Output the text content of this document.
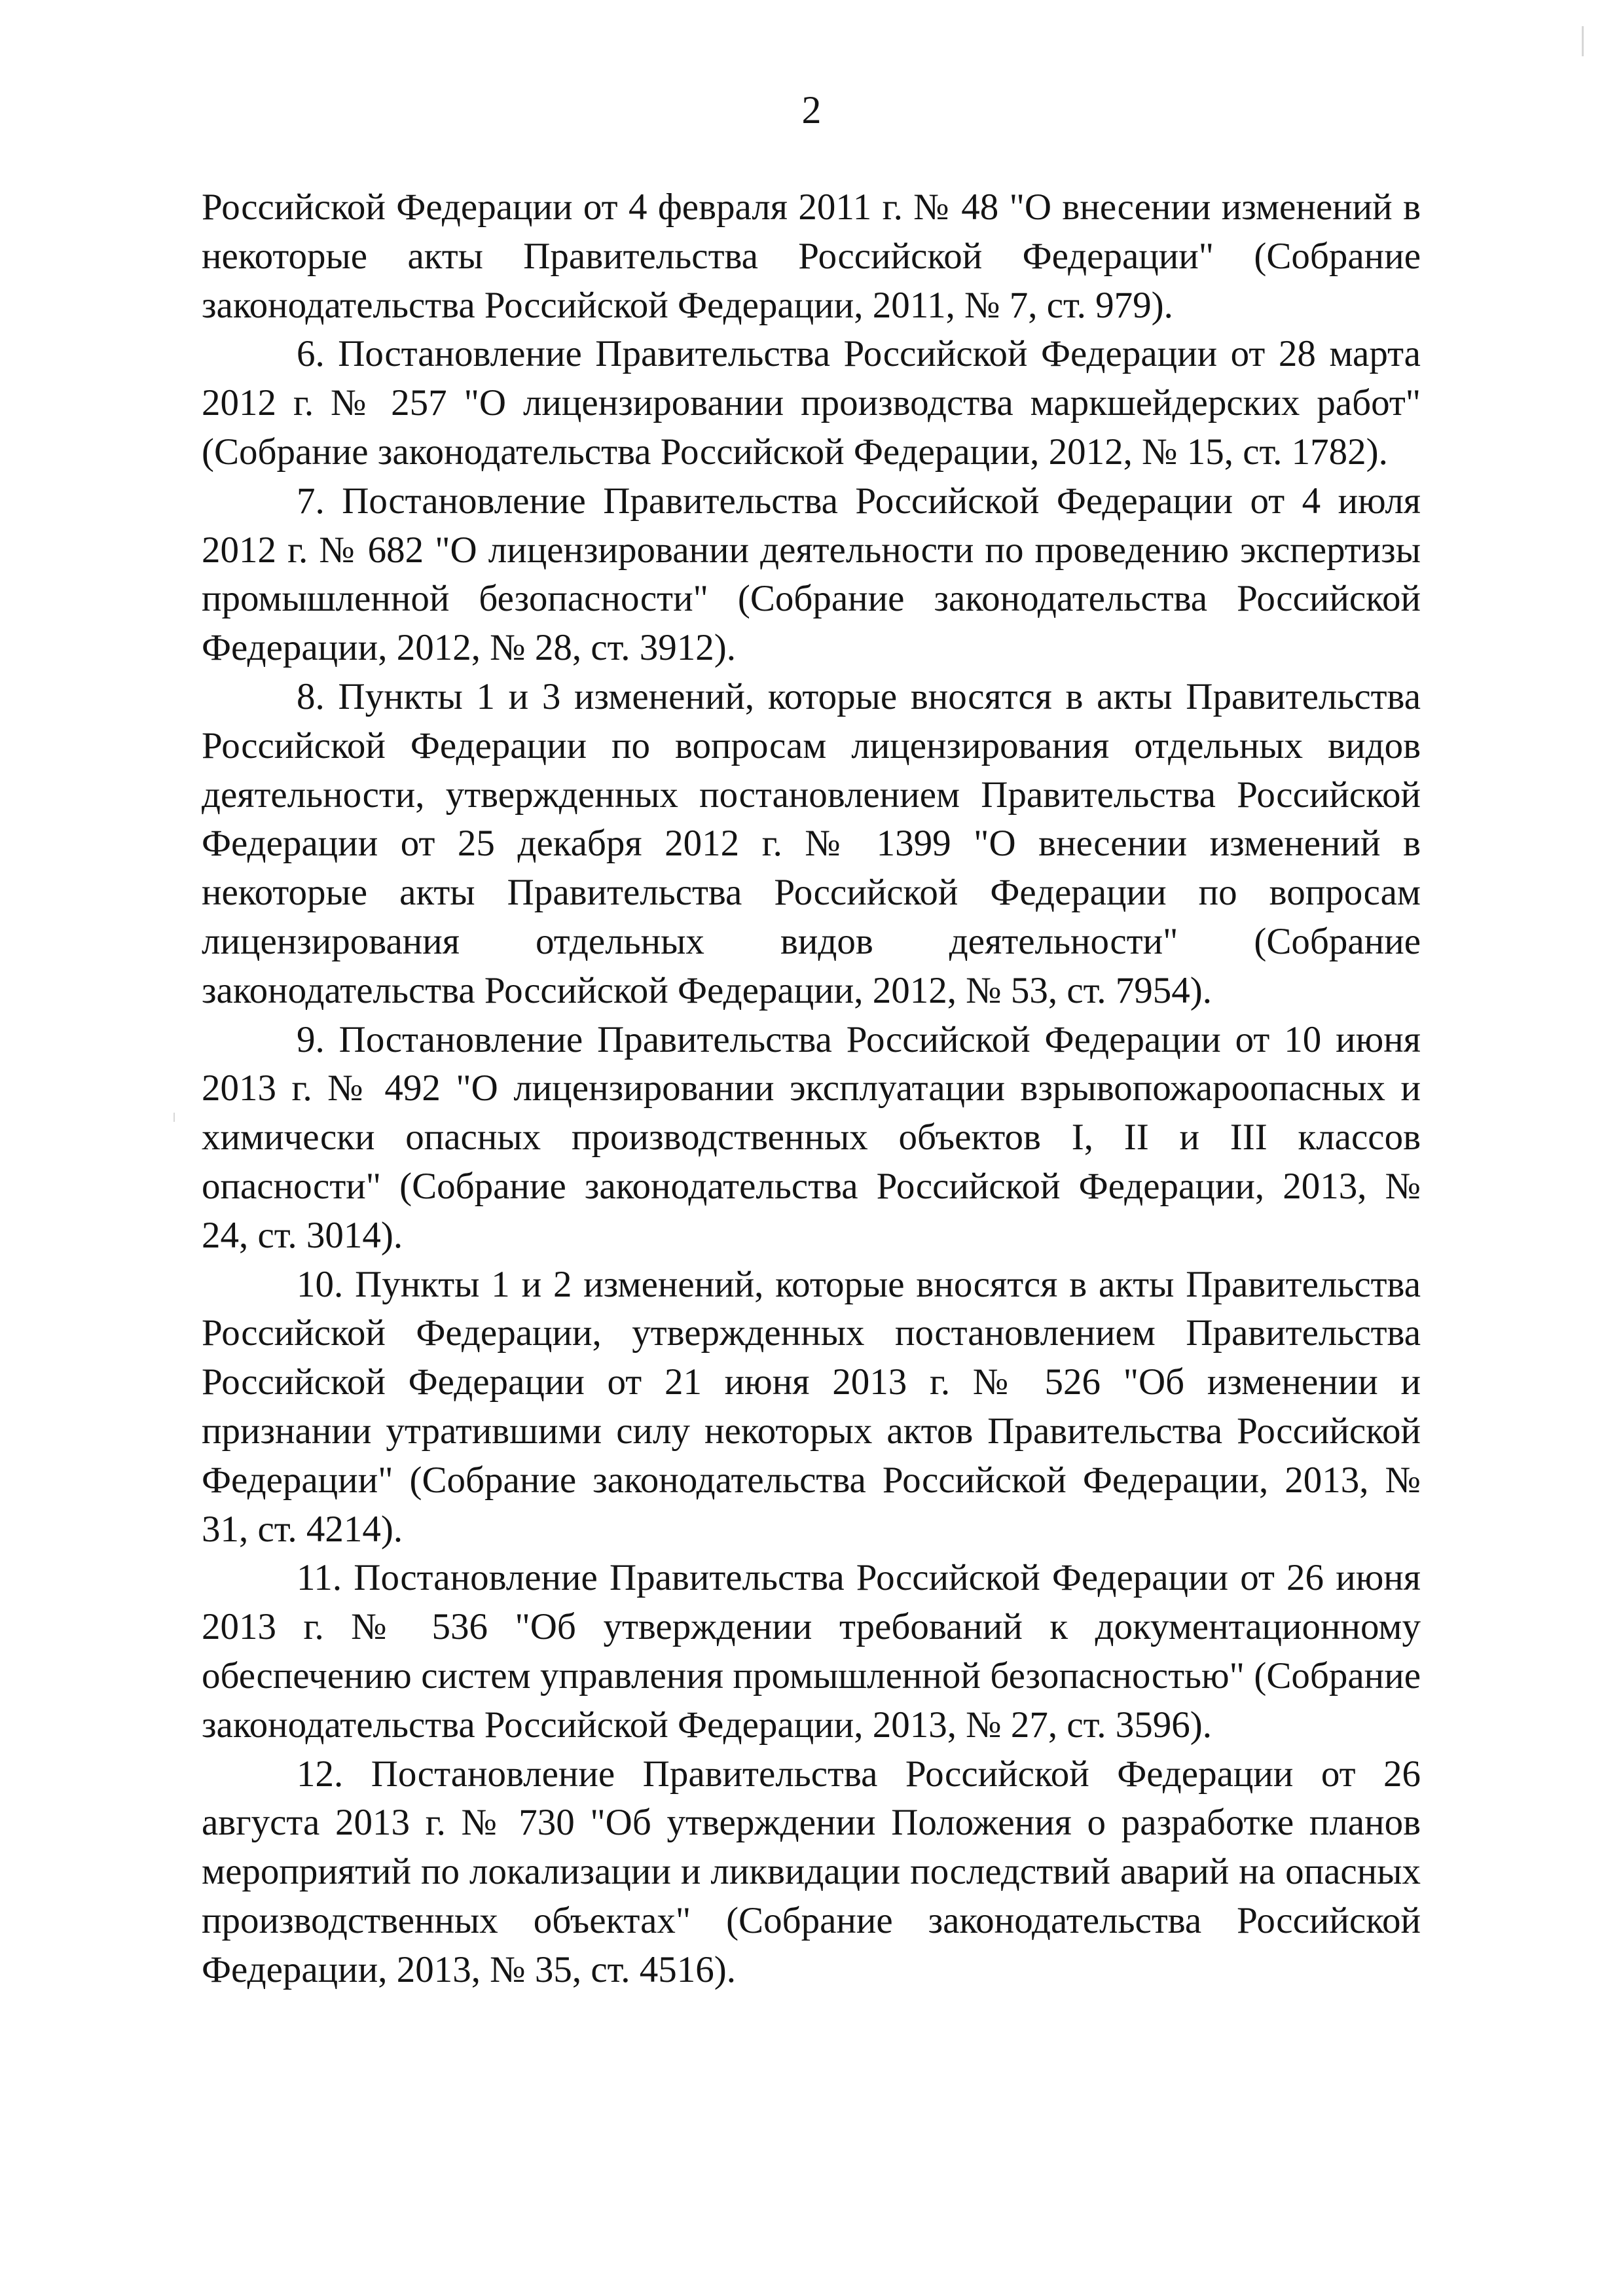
2

Российской Федерации от 4 февраля 2011 г. № 48 "О внесении изменений в некоторые акты Правительства Российской Федерации" (Собрание законодательства Российской Федерации, 2011, № 7, ст. 979).

6. Постановление Правительства Российской Федерации от 28 марта 2012 г. № 257 "О лицензировании производства маркшейдерских работ" (Собрание законодательства Российской Федерации, 2012, № 15, ст. 1782).

7. Постановление Правительства Российской Федерации от 4 июля 2012 г. № 682 "О лицензировании деятельности по проведению экспертизы промышленной безопасности" (Собрание законодательства Российской Федерации, 2012, № 28, ст. 3912).

8. Пункты 1 и 3 изменений, которые вносятся в акты Правительства Российской Федерации по вопросам лицензирования отдельных видов деятельности, утвержденных постановлением Правительства Российской Федерации от 25 декабря 2012 г. № 1399 "О внесении изменений в некоторые акты Правительства Российской Федерации по вопросам лицензирования отдельных видов деятельности" (Собрание законодательства Российской Федерации, 2012, № 53, ст. 7954).

9. Постановление Правительства Российской Федерации от 10 июня 2013 г. № 492 "О лицензировании эксплуатации взрывопожароопасных и химически опасных производственных объектов I, II и III классов опасности" (Собрание законодательства Российской Федерации, 2013, № 24, ст. 3014).

10. Пункты 1 и 2 изменений, которые вносятся в акты Правительства Российской Федерации, утвержденных постановлением Правительства Российской Федерации от 21 июня 2013 г. № 526 "Об изменении и признании утратившими силу некоторых актов Правительства Российской Федерации" (Собрание законодательства Российской Федерации, 2013, № 31, ст. 4214).

11. Постановление Правительства Российской Федерации от 26 июня 2013 г. № 536 "Об утверждении требований к документационному обеспечению систем управления промышленной безопасностью" (Собрание законодательства Российской Федерации, 2013, № 27, ст. 3596).

12. Постановление Правительства Российской Федерации от 26 августа 2013 г. № 730 "Об утверждении Положения о разработке планов мероприятий по локализации и ликвидации последствий аварий на опасных производственных объектах" (Собрание законодательства Российской Федерации, 2013, № 35, ст. 4516).
